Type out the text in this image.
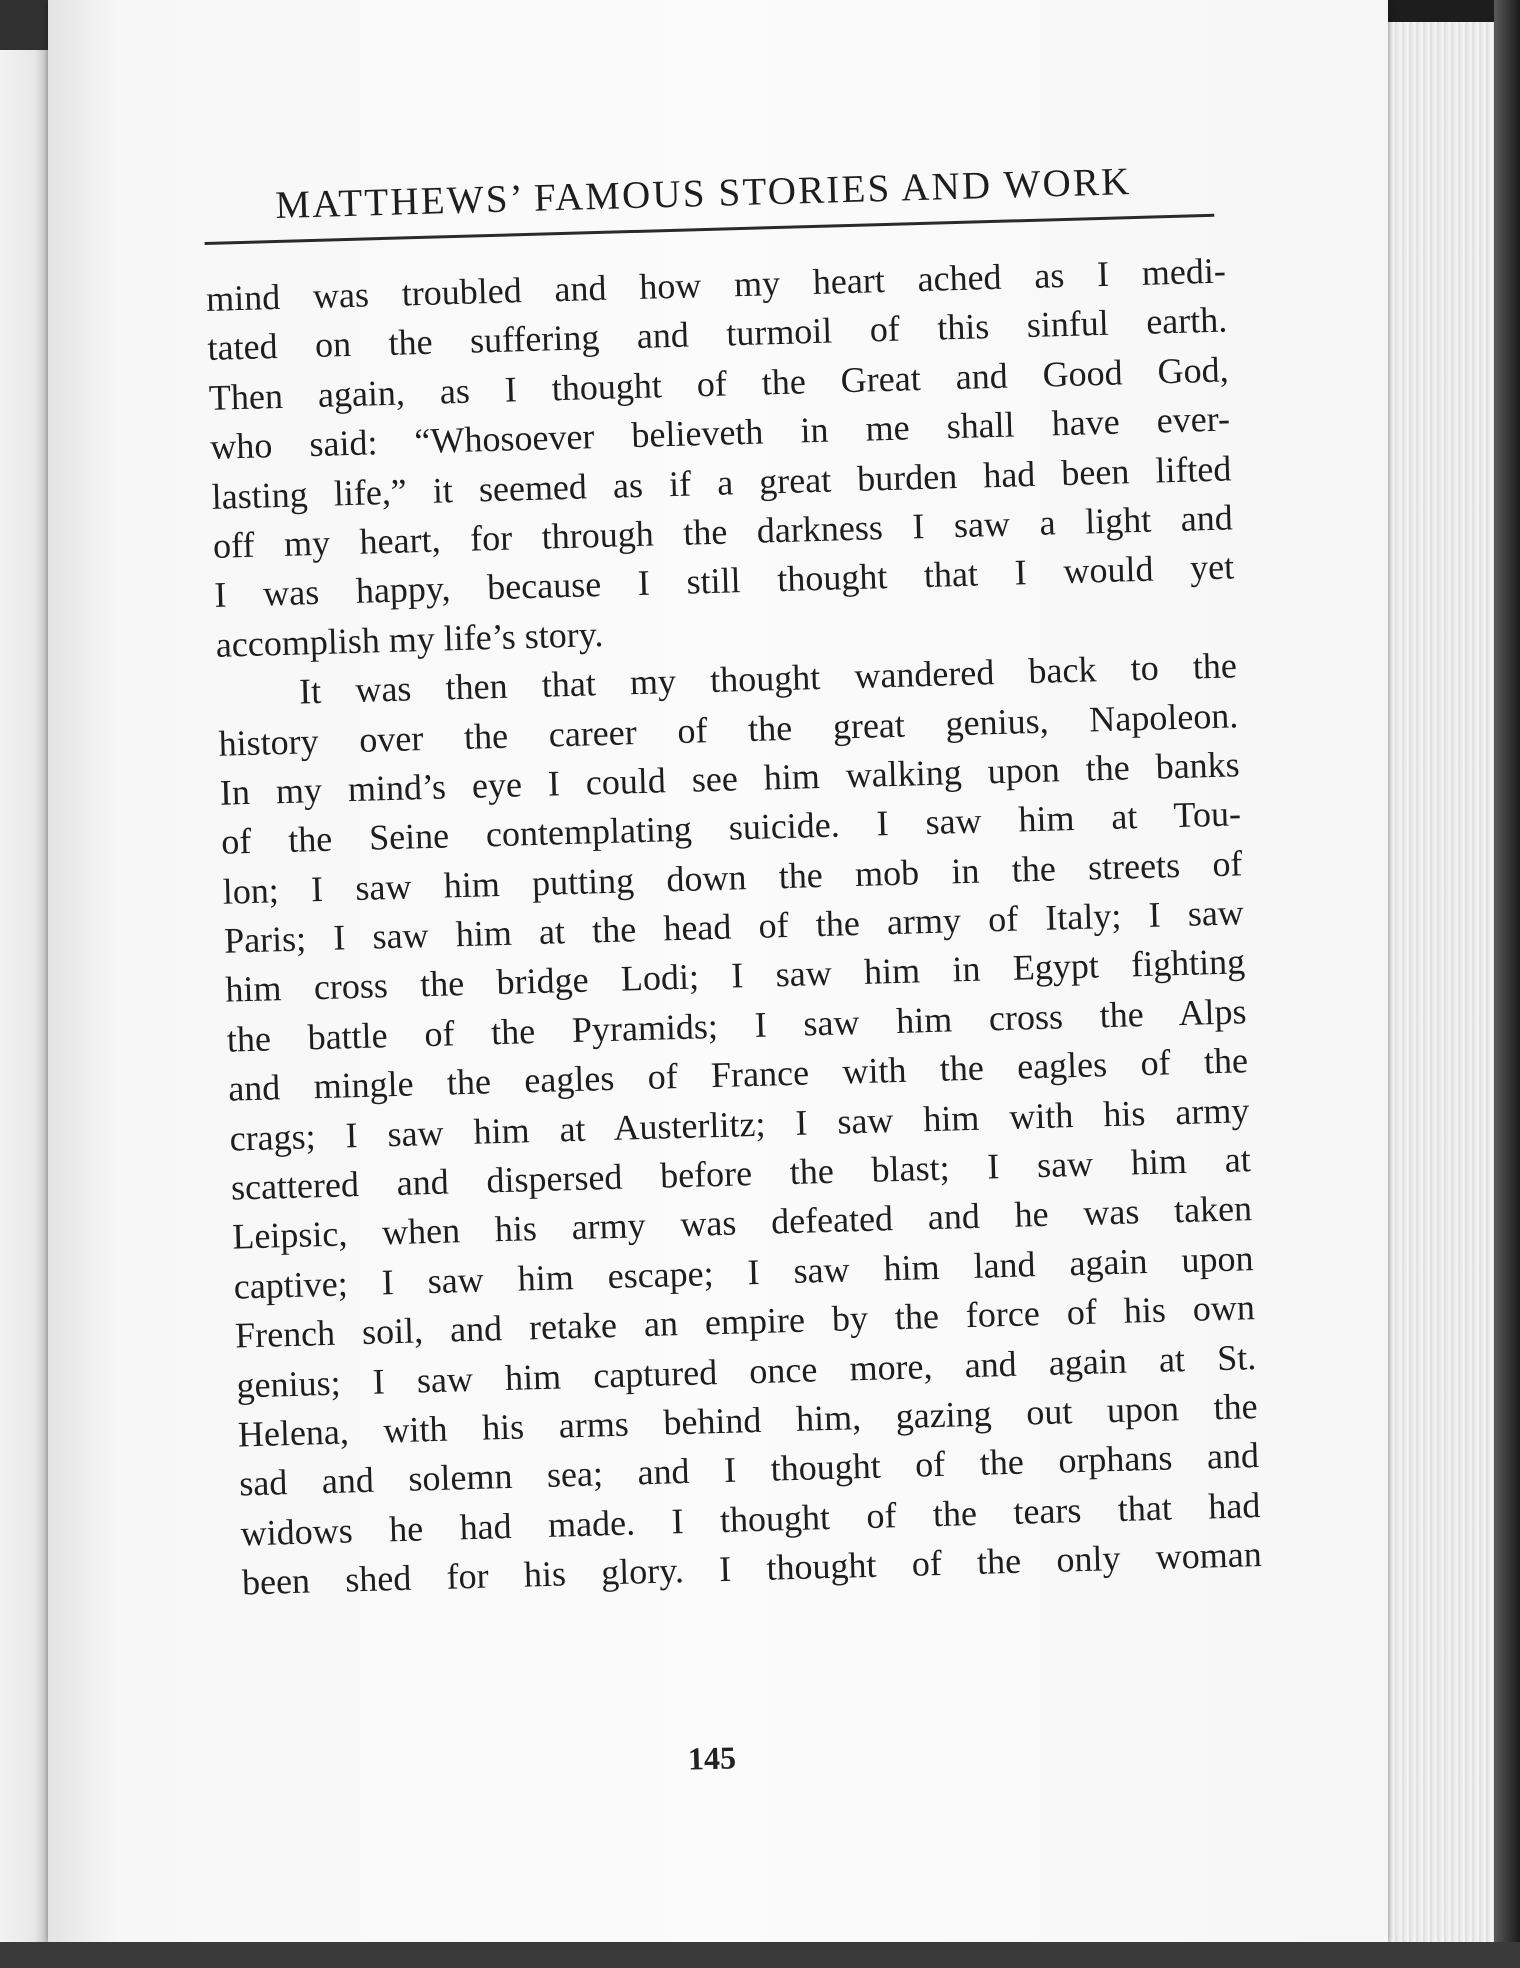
MATTHEWS’ FAMOUS STORIES AND WORK
mind was troubled and how my heart ached as I medi-
tated on the suffering and turmoil of this sinful earth.
Then again, as I thought of the Great and Good God,
who said: “Whosoever believeth in me shall have ever-
lasting life,” it seemed as if a great burden had been lifted
off my heart, for through the darkness I saw a light and
I was happy, because I still thought that I would yet
accomplish my life’s story.
It was then that my thought wandered back to the
history over the career of the great genius, Napoleon.
In my mind’s eye I could see him walking upon the banks
of the Seine contemplating suicide. I saw him at Tou-
lon; I saw him putting down the mob in the streets of
Paris; I saw him at the head of the army of Italy; I saw
him cross the bridge Lodi; I saw him in Egypt fighting
the battle of the Pyramids; I saw him cross the Alps
and mingle the eagles of France with the eagles of the
crags; I saw him at Austerlitz; I saw him with his army
scattered and dispersed before the blast; I saw him at
Leipsic, when his army was defeated and he was taken
captive; I saw him escape; I saw him land again upon
French soil, and retake an empire by the force of his own
genius; I saw him captured once more, and again at St.
Helena, with his arms behind him, gazing out upon the
sad and solemn sea; and I thought of the orphans and
widows he had made. I thought of the tears that had
been shed for his glory. I thought of the only woman
145
